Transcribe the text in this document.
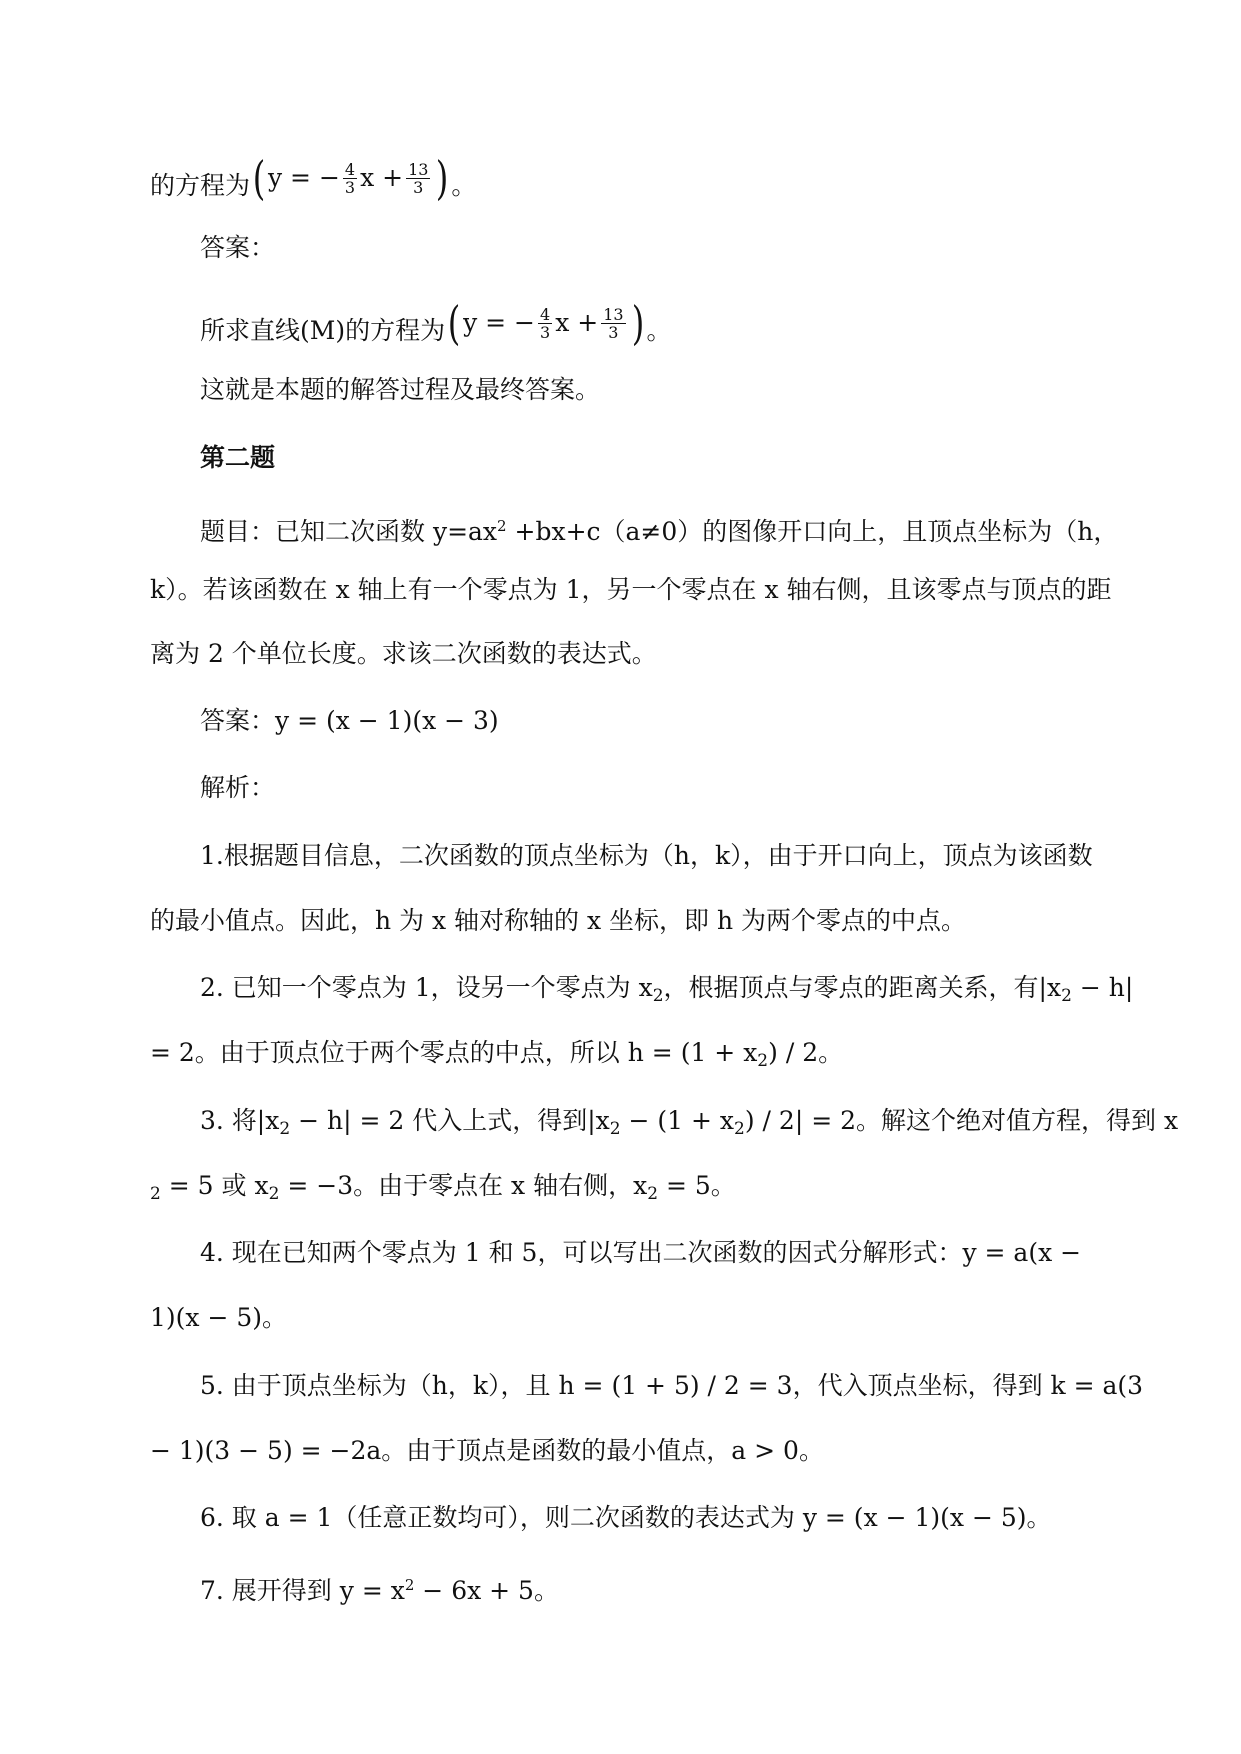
的方程为 ( y =
− $\frac{4}{3}$ $x + \frac{13}{3}$ ) 。
答案：
所求直线(M)的方程为 ( y =
− $\frac{4}{3}$ $x + \frac{13}{3}$ ) 。
这就是本题的解答过程及最终答案。
第二题
题目：已知二次函数 $y=ax^2 +bx+c(a\ne 0)$的图像开口向上，且顶点坐标为（h，
k）。若该函数在 x 轴上有一个零点为 1，另一个零点在 x 轴右侧，且该零点与顶点的距
离为 2 个单位长度。求该二次函数的表达式。
答案：y = (x − 1)(x − 3)
解析：
1.根据题目信息，二次函数的顶点坐标为（h，k），由于开口向上，顶点为该函数
的最小值点。因此，h 为 x 轴对称轴的 x 坐标，即 h 为两个零点的中点。
2. 已知一个零点为 1，设另一个零点为 $x_2$，根据顶点与零点的距离关系，有$|x_2 - h|$
= 2。由于顶点位于两个零点的中点，所以 $h = (1 + x_2) / 2$。
3. 将$|x_2 - h| = 2$ 代入上式，得到$|x_2 - (1 + x_2) / 2| = 2$。解这个绝对值方程，得到 x
$_2$ = 5 或 $x_2 = -3$。由于零点在 x 轴右侧，$x_2 = 5$。
4. 现在已知两个零点为 1 和 5，可以写出二次函数的因式分解形式：y = a(x −
1)(x − 5)。
5. 由于顶点坐标为（h，k），且 h = (1 + 5) / 2 = 3，代入顶点坐标，得到 k = a(3
− 1)(3 − 5) = −2a。由于顶点是函数的最小值点，a > 0。
6. 取 a = 1（任意正数均可），则二次函数的表达式为 y = (x − 1)(x − 5)。
7. 展开得到 $y = x^2 - 6x + 5$。
